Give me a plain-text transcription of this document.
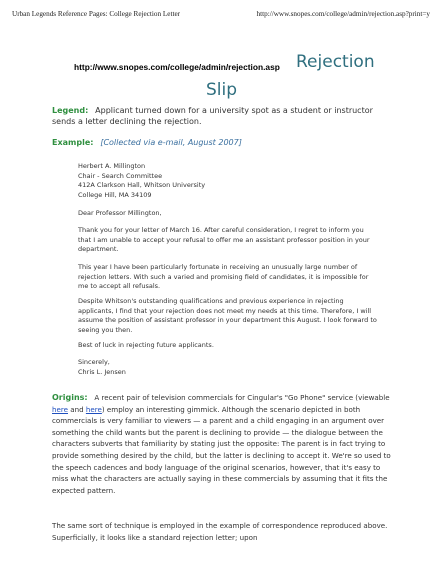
Urban Legends Reference Pages: College Rejection Letter	http://www.snopes.com/college/admin/rejection.asp?print=y
http://www.snopes.com/college/admin/rejection.asp Rejection
Slip
Legend: Applicant turned down for a university spot as a student or instructor sends a letter declining the rejection.
Example: [Collected via e-mail, August 2007]
Herbert A. Millington
Chair - Search Committee
412A Clarkson Hall, Whitson University
College Hill, MA 34109
Dear Professor Millington,
Thank you for your letter of March 16. After careful consideration, I regret to inform you that I am unable to accept your refusal to offer me an assistant professor position in your department.
This year I have been particularly fortunate in receiving an unusually large number of rejection letters. With such a varied and promising field of candidates, it is impossible for me to accept all refusals.
Despite Whitson's outstanding qualifications and previous experience in rejecting applicants, I find that your rejection does not meet my needs at this time. Therefore, I will assume the position of assistant professor in your department this August. I look forward to seeing you then.
Best of luck in rejecting future applicants.
Sincerely,
Chris L. Jensen
Origins: A recent pair of television commercials for Cingular's "Go Phone" service (viewable here and here) employ an interesting gimmick. Although the scenario depicted in both commercials is very familiar to viewers — a parent and a child engaging in an argument over something the child wants but the parent is declining to provide — the dialogue between the characters subverts that familiarity by stating just the opposite: The parent is in fact trying to provide something desired by the child, but the latter is declining to accept it. We're so used to the speech cadences and body language of the original scenarios, however, that it's easy to miss what the characters are actually saying in these commercials by assuming that it fits the expected pattern.
The same sort of technique is employed in the example of correspondence reproduced above. Superficially, it looks like a standard rejection letter; upon
